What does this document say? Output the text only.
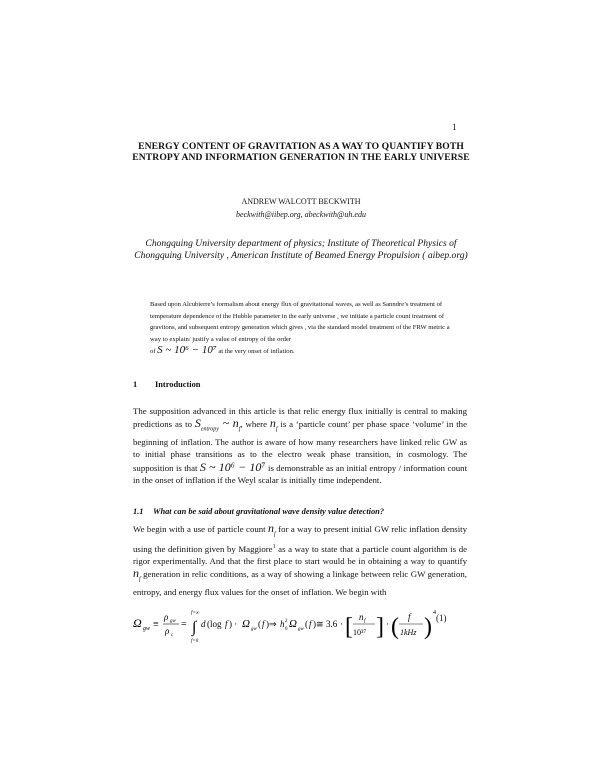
1
ENERGY CONTENT OF GRAVITATION AS A WAY TO QUANTIFY BOTH ENTROPY AND INFORMATION GENERATION IN THE EARLY UNIVERSE
ANDREW WALCOTT BECKWITH
beckwith@iibep.org, abeckwith@uh.edu
Chongquing University department of physics; Institute of Theoretical Physics of Chongquing University , American Institute of Beamed Energy Propulsion ( aibep.org)
Based upon Alcubierre’s formalism about energy flux of gravitational waves, as well as Sanndre’s treatment of temperature dependence of the Hubble parameter in the early universe , we initiate a particle count treatment of gravitons, and subsequent entropy generation which gives , via the standard model treatment of the FRW metric a way to explain/ justify a value of entropy of the order
of S ~ 10⁶ − 10⁷ at the very onset of inflation.
1 Introduction
The supposition advanced in this article is that relic energy flux initially is central to making predictions as to $S_{entropy}$ ~ $n_f$, where $n_f$ is a ‘particle count’ per phase space ‘volume’ in the beginning of inflation. The author is aware of how many researchers have linked relic GW as to initial phase transitions as to the electro weak phase transition, in cosmology. The supposition is that S ~ 10⁶ − 10⁷ is demonstrable as an initial entropy / information count in the onset of inflation if the Weyl scalar is initially time independent.
1.1 What can be said about gravitational wave density value detection?
We begin with a use of particle count $n_f$ for a way to present initial GW relic inflation density using the definition given by Maggiore$^1$ as a way to state that a particle count algorithm is de rigor experimentally. And that the first place to start would be in obtaining a way to quantify $n_f$ generation in relic conditions, as a way of showing a linkage between relic GW generation, entropy, and energy flux values for the onset of inflation. We begin with
Ω gw ≡
ρ gw
ρ c
=
f=∞
∫
f=0
d (log f ) · Ω gw
( f )⇒ h 2
0 Ω gw
( f )≅ 3.6 · [ n f
10³⁷ ] · ( f
1kHz )
4 (1)
